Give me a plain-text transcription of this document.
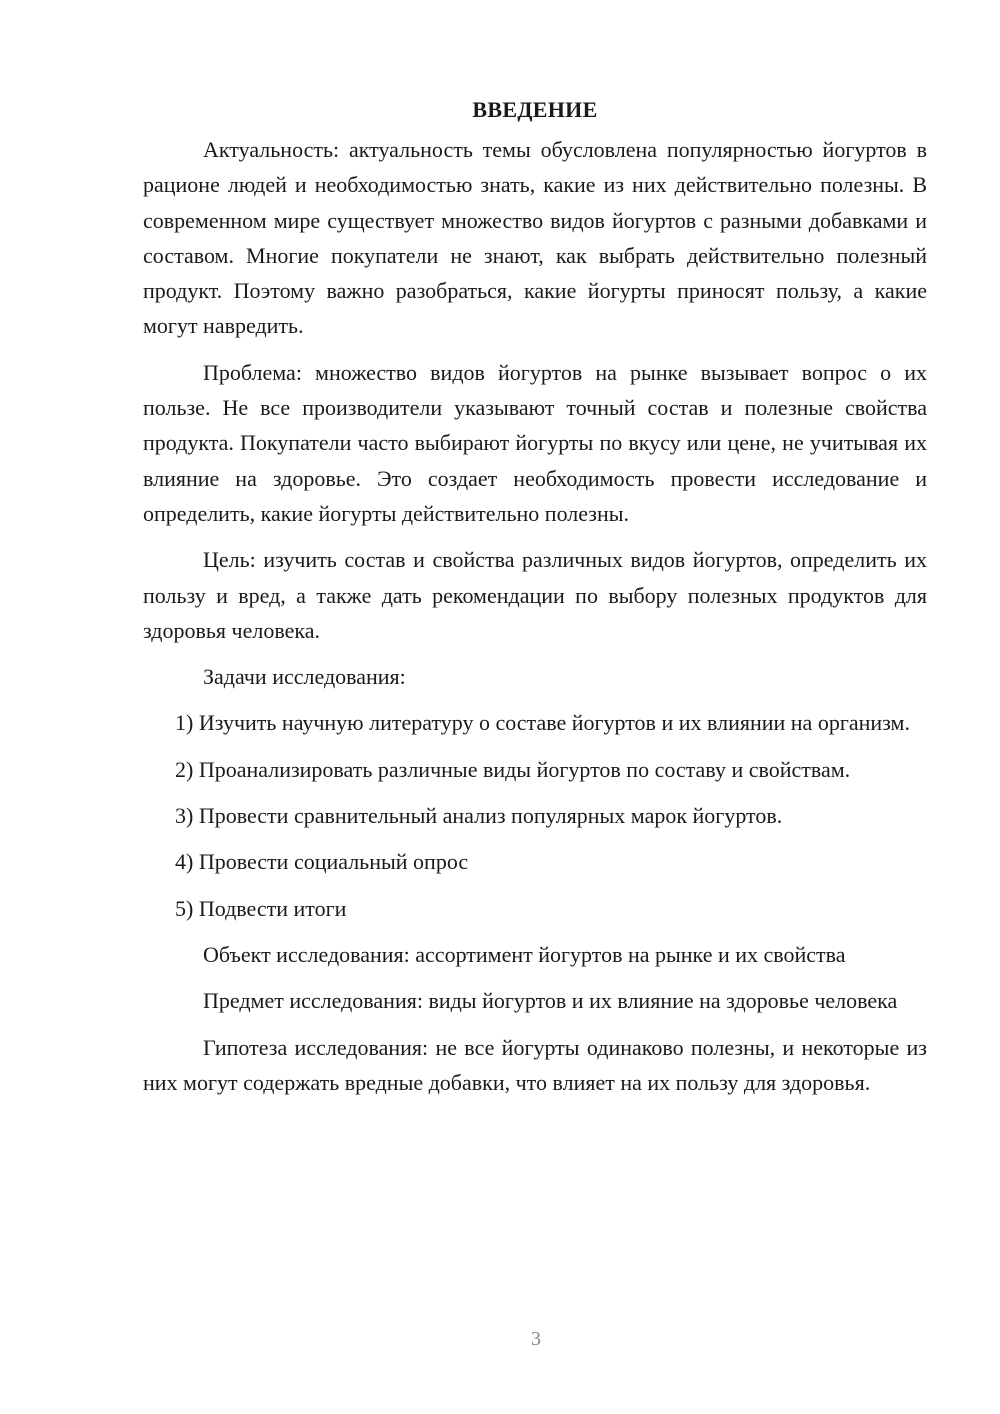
ВВЕДЕНИЕ

Актуальность: актуальность темы обусловлена популярностью йогуртов в рационе людей и необходимостью знать, какие из них действительно полезны. В современном мире существует множество видов йогуртов с разными добавками и составом. Многие покупатели не знают, как выбрать действительно полезный продукт. Поэтому важно разобраться, какие йогурты приносят пользу, а какие могут навредить.

Проблема: множество видов йогуртов на рынке вызывает вопрос о их пользе. Не все производители указывают точный состав и полезные свойства продукта. Покупатели часто выбирают йогурты по вкусу или цене, не учитывая их влияние на здоровье. Это создает необходимость провести исследование и определить, какие йогурты действительно полезны.

Цель: изучить состав и свойства различных видов йогуртов, определить их пользу и вред, а также дать рекомендации по выбору полезных продуктов для здоровья человека.

Задачи исследования:

1) Изучить научную литературу о составе йогуртов и их влиянии на организм.

2) Проанализировать различные виды йогуртов по составу и свойствам.

3) Провести сравнительный анализ популярных марок йогуртов.

4) Провести социальный опрос

5) Подвести итоги

Объект исследования: ассортимент йогуртов на рынке и их свойства

Предмет исследования: виды йогуртов и их влияние на здоровье человека

Гипотеза исследования: не все йогурты одинаково полезны, и некоторые из них могут содержать вредные добавки, что влияет на их пользу для здоровья.

3
